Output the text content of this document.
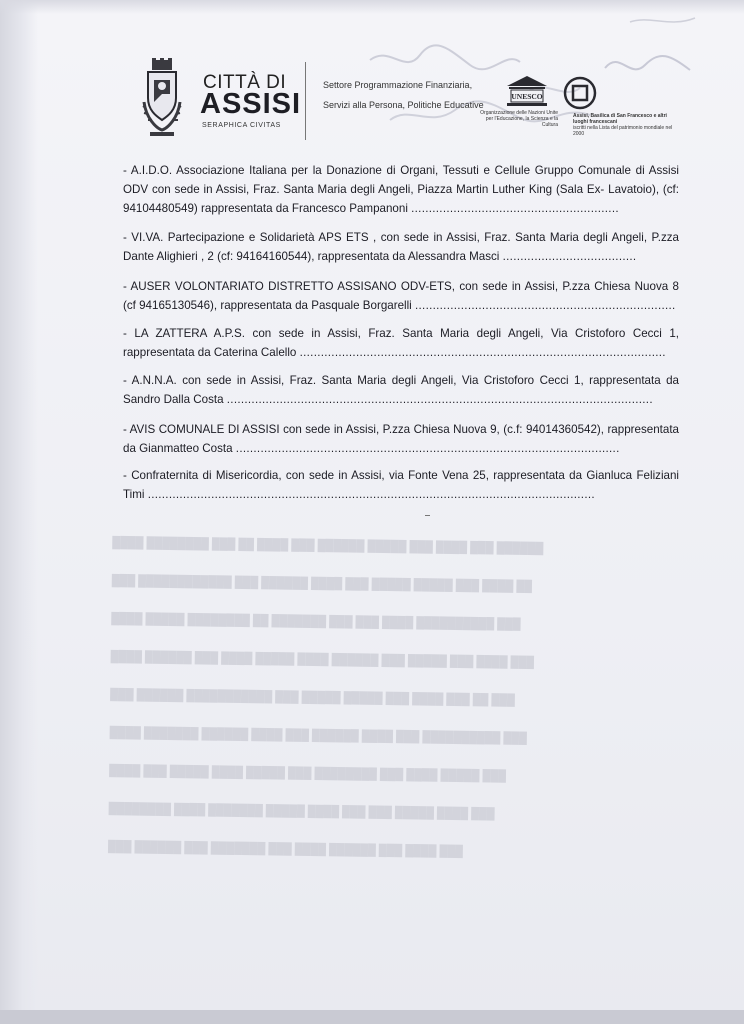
████ ████████ ███ ██ ████ ███ ██████ █████ ███ ████ ███ ██████

███ ████████████ ███ ██████ ████ ███ █████ █████ ███ ████ ██

████ █████ ████████ ██ ███████ ███ ███ ████ ██████████ ███

████ ██████ ███ ████ █████ ████ ██████ ███ █████ ███ ████ ███

███ ██████ ███████████ ███ █████ █████ ███ ████ ███ ██ ███

████ ███████ ██████ ████ ███ ██████ ████ ███ ██████████ ███

████ ███ █████ ████ █████ ███ ████████ ███ ████ █████ ███

████████ ████ ███████ █████ ████ ███ ███ █████ ████ ███

███ ██████ ███ ███████ ███ ████ ██████ ███ ████ ███

CITTÀ DI
ASSISI
SERAPHICA CIVITAS
Settore Programmazione Finanziaria,
Servizi alla Persona, Politiche Educative
UNESCO
Organizzazione delle Nazioni Unite per l'Educazione, la Scienza e la Cultura
Assisi, Basilica di San Francesco e altri luoghi francescani
iscritti nella Lista del patrimonio mondiale nel 2000
- A.I.D.O. Associazione Italiana per la Donazione di Organi, Tessuti e Cellule Gruppo Comunale di Assisi ODV con sede in Assisi, Fraz. Santa Maria degli Angeli, Piazza Martin Luther King (Sala Ex- Lavatoio), (cf: 94104480549) rappresentata da Francesco Pampanoni ...........................................................
- VI.VA. Partecipazione e Solidarietà APS ETS , con sede in Assisi, Fraz. Santa Maria degli Angeli, P.zza Dante Alighieri , 2 (cf: 94164160544), rappresentata da Alessandra Masci ......................................
- AUSER VOLONTARIATO DISTRETTO ASSISANO ODV-ETS, con sede in Assisi, P.zza Chiesa Nuova 8 (cf 94165130546), rappresentata da Pasquale Borgarelli ..........................................................................
- LA ZATTERA A.P.S. con sede in Assisi, Fraz. Santa Maria degli Angeli, Via Cristoforo Cecci 1, rappresentata da Caterina Calello ........................................................................................................
- A.N.N.A. con sede in Assisi, Fraz. Santa Maria degli Angeli, Via Cristoforo Cecci 1, rappresentata da Sandro Dalla Costa .........................................................................................................................
- AVIS COMUNALE DI ASSISI con sede in Assisi, P.zza Chiesa Nuova 9, (c.f: 94014360542), rappresentata da Gianmatteo Costa .............................................................................................................
- Confraternita di Misericordia, con sede in Assisi, via Fonte Vena 25, rappresentata da Gianluca Feliziani Timi ...............................................................................................................................
